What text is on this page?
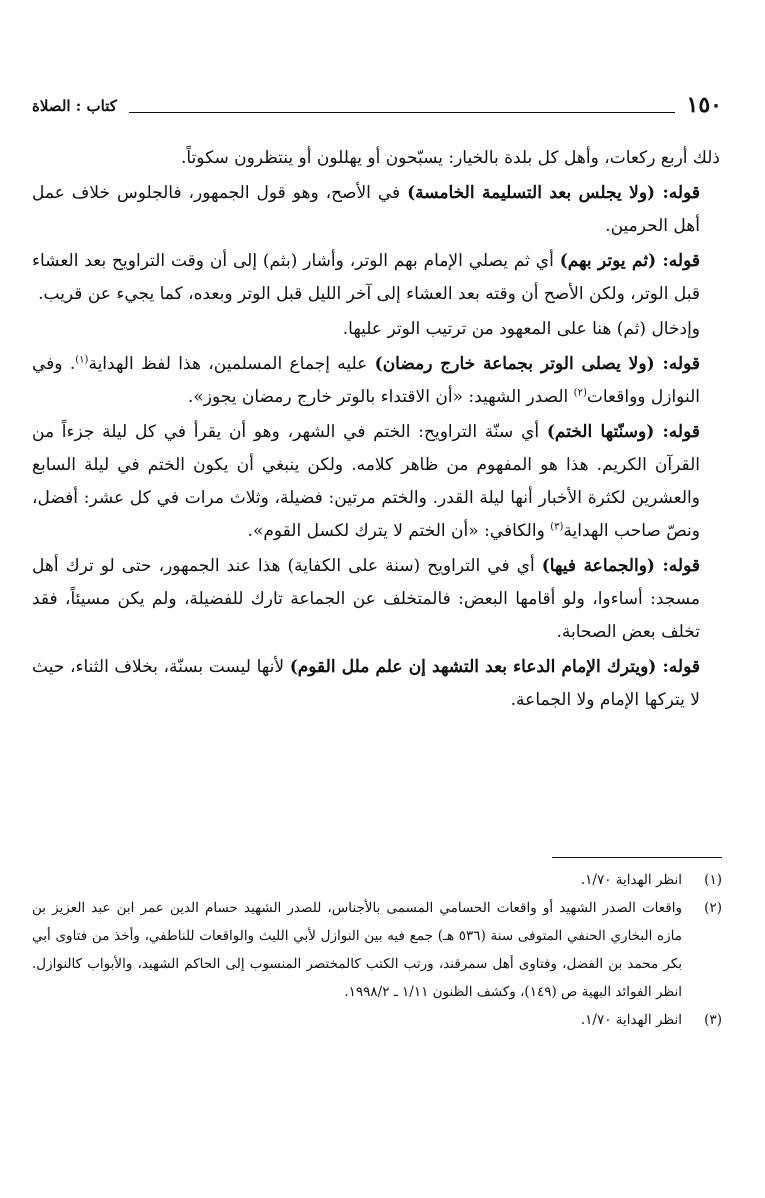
١٥٠
كتاب : الصلاة

ذلك أربع ركعات، وأهل كل بلدة بالخيار: يسبّحون أو يهللون أو ينتظرون سكوتاً.

قوله: (ولا يجلس بعد التسليمة الخامسة) في الأصح، وهو قول الجمهور، فالجلوس خلاف عمل أهل الحرمين.

قوله: (ثم يوتر بهم) أي ثم يصلي الإمام بهم الوتر، وأشار (بثم) إلى أن وقت التراويح بعد العشاء قبل الوتر، ولكن الأصح أن وقته بعد العشاء إلى آخر الليل قبل الوتر وبعده، كما يجيء عن قريب.

وإدخال (ثم) هنا على المعهود من ترتيب الوتر عليها.

قوله: (ولا يصلى الوتر بجماعة خارج رمضان) عليه إجماع المسلمين، هذا لفظ الهداية$^{(١)}$. وفي النوازل وواقعات$^{(٢)}$ الصدر الشهيد: «أن الاقتداء بالوتر خارج رمضان يجوز».

قوله: (وسنّتها الختم) أي سنّة التراويح: الختم في الشهر، وهو أن يقرأ في كل ليلة جزءاً من القرآن الكريم. هذا هو المفهوم من ظاهر كلامه. ولكن ينبغي أن يكون الختم في ليلة السابع والعشرين لكثرة الأخبار أنها ليلة القدر. والختم مرتين: فضيلة، وثلاث مرات في كل عشر: أفضل، ونصّ صاحب الهداية$^{(٣)}$ والكافي: «أن الختم لا يترك لكسل القوم».

قوله: (والجماعة فيها) أي في التراويح (سنة على الكفاية) هذا عند الجمهور، حتى لو ترك أهل مسجد: أساءوا، ولو أقامها البعض: فالمتخلف عن الجماعة تارك للفضيلة، ولم يكن مسيئاً، فقد تخلف بعض الصحابة.

قوله: (ويترك الإمام الدعاء بعد التشهد إن علم ملل القوم) لأنها ليست بسنّة، بخلاف الثناء، حيث لا يتركها الإمام ولا الجماعة.

(١)
انظر الهداية ١/٧٠.
(٢)
واقعات الصدر الشهيد أو واقعات الحسامي المسمى بالأجناس، للصدر الشهيد حسام الدين عمر ابن عبد العزيز بن مازه البخاري الحنفي المتوفى سنة (٥٣٦ هـ) جمع فيه بين النوازل لأبي الليث والواقعات للناطفي، وأخذ من فتاوى أبي بكر محمد بن الفضل، وفتاوى أهل سمرقند، ورتب الكتب كالمختصر المنسوب إلى الحاكم الشهيد، والأبواب كالنوازل. انظر الفوائد البهية ص (١٤٩)، وكشف الظنون ١/١١ ـ ١٩٩٨/٢.
(٣)
انظر الهداية ١/٧٠.
